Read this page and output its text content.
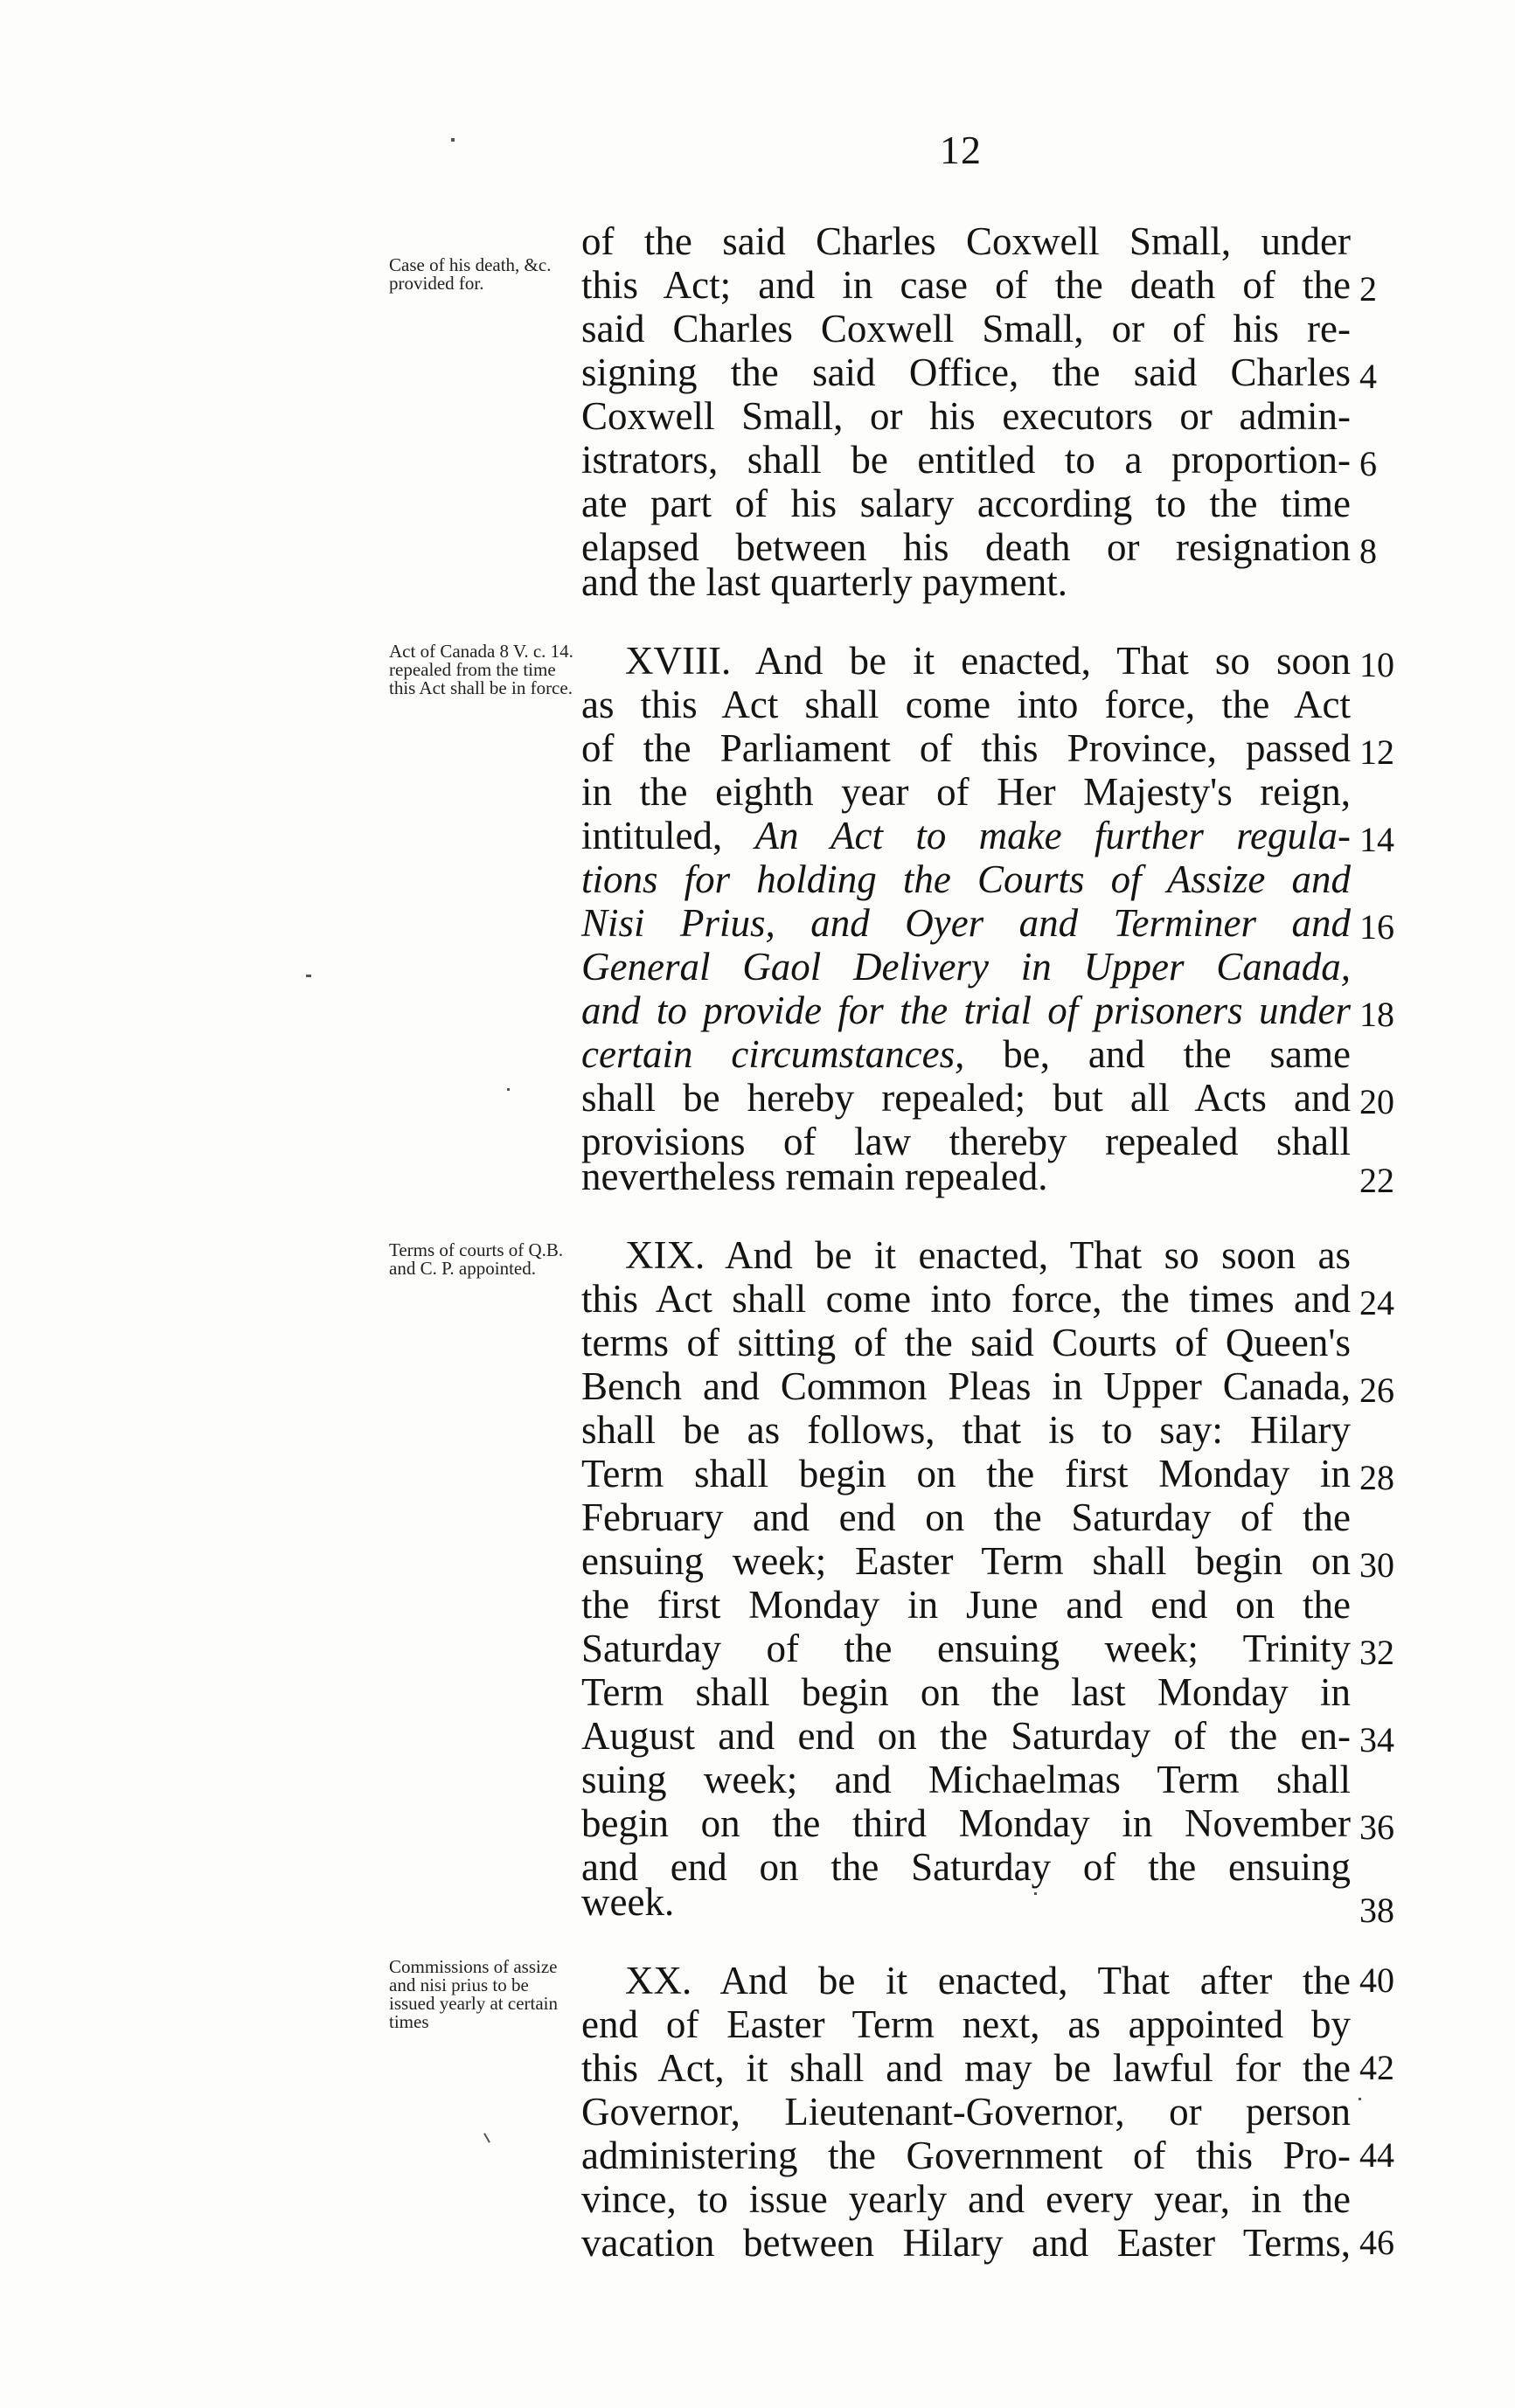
12
Case of his death, &c. provided for.
Act of Canada 8 V. c. 14. repealed from the time this Act shall be in force.
Terms of courts of Q.B. and C. P. appointed.
Commissions of assize and nisi prius to be issued yearly at certain times
of the said Charles Coxwell Small, under
this Act; and in case of the death of the
said Charles Coxwell Small, or of his re-
signing the said Office, the said Charles
Coxwell Small, or his executors or admin-
istrators, shall be entitled to a proportion-
ate part of his salary according to the time
elapsed between his death or resignation
and the last quarterly payment.
XVIII. And be it enacted, That so soon
as this Act shall come into force, the Act
of the Parliament of this Province, passed
in the eighth year of Her Majesty's reign,
intituled, An Act to make further regula-
tions for holding the Courts of Assize and
Nisi Prius, and Oyer and Terminer and
General Gaol Delivery in Upper Canada,
and to provide for the trial of prisoners under
certain circumstances, be, and the same
shall be hereby repealed; but all Acts and
provisions of law thereby repealed shall
nevertheless remain repealed.
XIX. And be it enacted, That so soon as
this Act shall come into force, the times and
terms of sitting of the said Courts of Queen's
Bench and Common Pleas in Upper Canada,
shall be as follows, that is to say: Hilary
Term shall begin on the first Monday in
February and end on the Saturday of the
ensuing week; Easter Term shall begin on
the first Monday in June and end on the
Saturday of the ensuing week; Trinity
Term shall begin on the last Monday in
August and end on the Saturday of the en-
suing week; and Michaelmas Term shall
begin on the third Monday in November
and end on the Saturday of the ensuing
week.
XX. And be it enacted, That after the
end of Easter Term next, as appointed by
this Act, it shall and may be lawful for the
Governor, Lieutenant-Governor, or person
administering the Government of this Pro-
vince, to issue yearly and every year, in the
vacation between Hilary and Easter Terms,
2
4
6
8
10
12
14
16
18
20
22
24
26
28
30
32
34
36
38
40
42
44
46
